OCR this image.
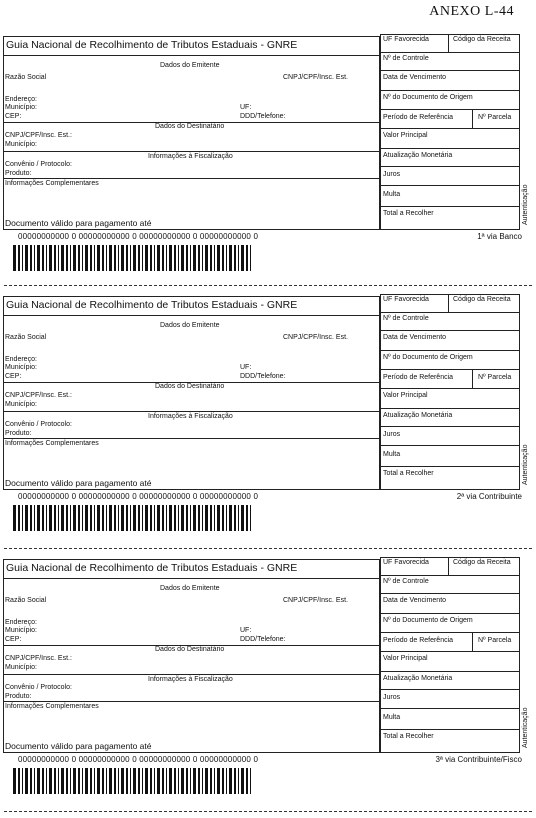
ANEXO L-44
Guia Nacional de Recolhimento de Tributos Estaduais - GNRE
Dados do Emitente
Razão Social	CNPJ/CPF/Insc. Est.
Endereço:
Município:	UF:
CEP:	DDD/Telefone:
Dados do Destinatário
CNPJ/CPF/Insc. Est.:
Município:
Informações à Fiscalização
Convênio / Protocolo:
Produto:
Informações Complementares
Documento válido para pagamento até
UF Favorecida	Código da Receita
Nº de Controle
Data de Vencimento
Nº do Documento de Origem
Período de Referência	Nº Parcela
Valor Principal
Atualização Monetária
Juros
Multa
Total a Recolher	Autenticação
00000000000 0 00000000000 0 00000000000 0 00000000000 0	1ª via Banco
Guia Nacional de Recolhimento de Tributos Estaduais - GNRE
Dados do Emitente
Razão Social	CNPJ/CPF/Insc. Est.
Endereço:
Município:	UF:
CEP:	DDD/Telefone:
Dados do Destinatário
CNPJ/CPF/Insc. Est.:
Município:
Informações à Fiscalização
Convênio / Protocolo:
Produto:
Informações Complementares
Documento válido para pagamento até
UF Favorecida	Código da Receita
Nº de Controle
Data de Vencimento
Nº do Documento de Origem
Período de Referência	Nº Parcela
Valor Principal
Atualização Monetária
Juros
Multa
Total a Recolher	Autenticação
00000000000 0 00000000000 0 00000000000 0 00000000000 0	2ª via Contribuinte
Guia Nacional de Recolhimento de Tributos Estaduais - GNRE
Dados do Emitente
Razão Social	CNPJ/CPF/Insc. Est.
Endereço:
Município:	UF:
CEP:	DDD/Telefone:
Dados do Destinatário
CNPJ/CPF/Insc. Est.:
Município:
Informações à Fiscalização
Convênio / Protocolo:
Produto:
Informações Complementares
Documento válido para pagamento até
UF Favorecida	Código da Receita
Nº de Controle
Data de Vencimento
Nº do Documento de Origem
Período de Referência	Nº Parcela
Valor Principal
Atualização Monetária
Juros
Multa
Total a Recolher	Autenticação
00000000000 0 00000000000 0 00000000000 0 00000000000 0	3ª via Contribuinte/Fisco
